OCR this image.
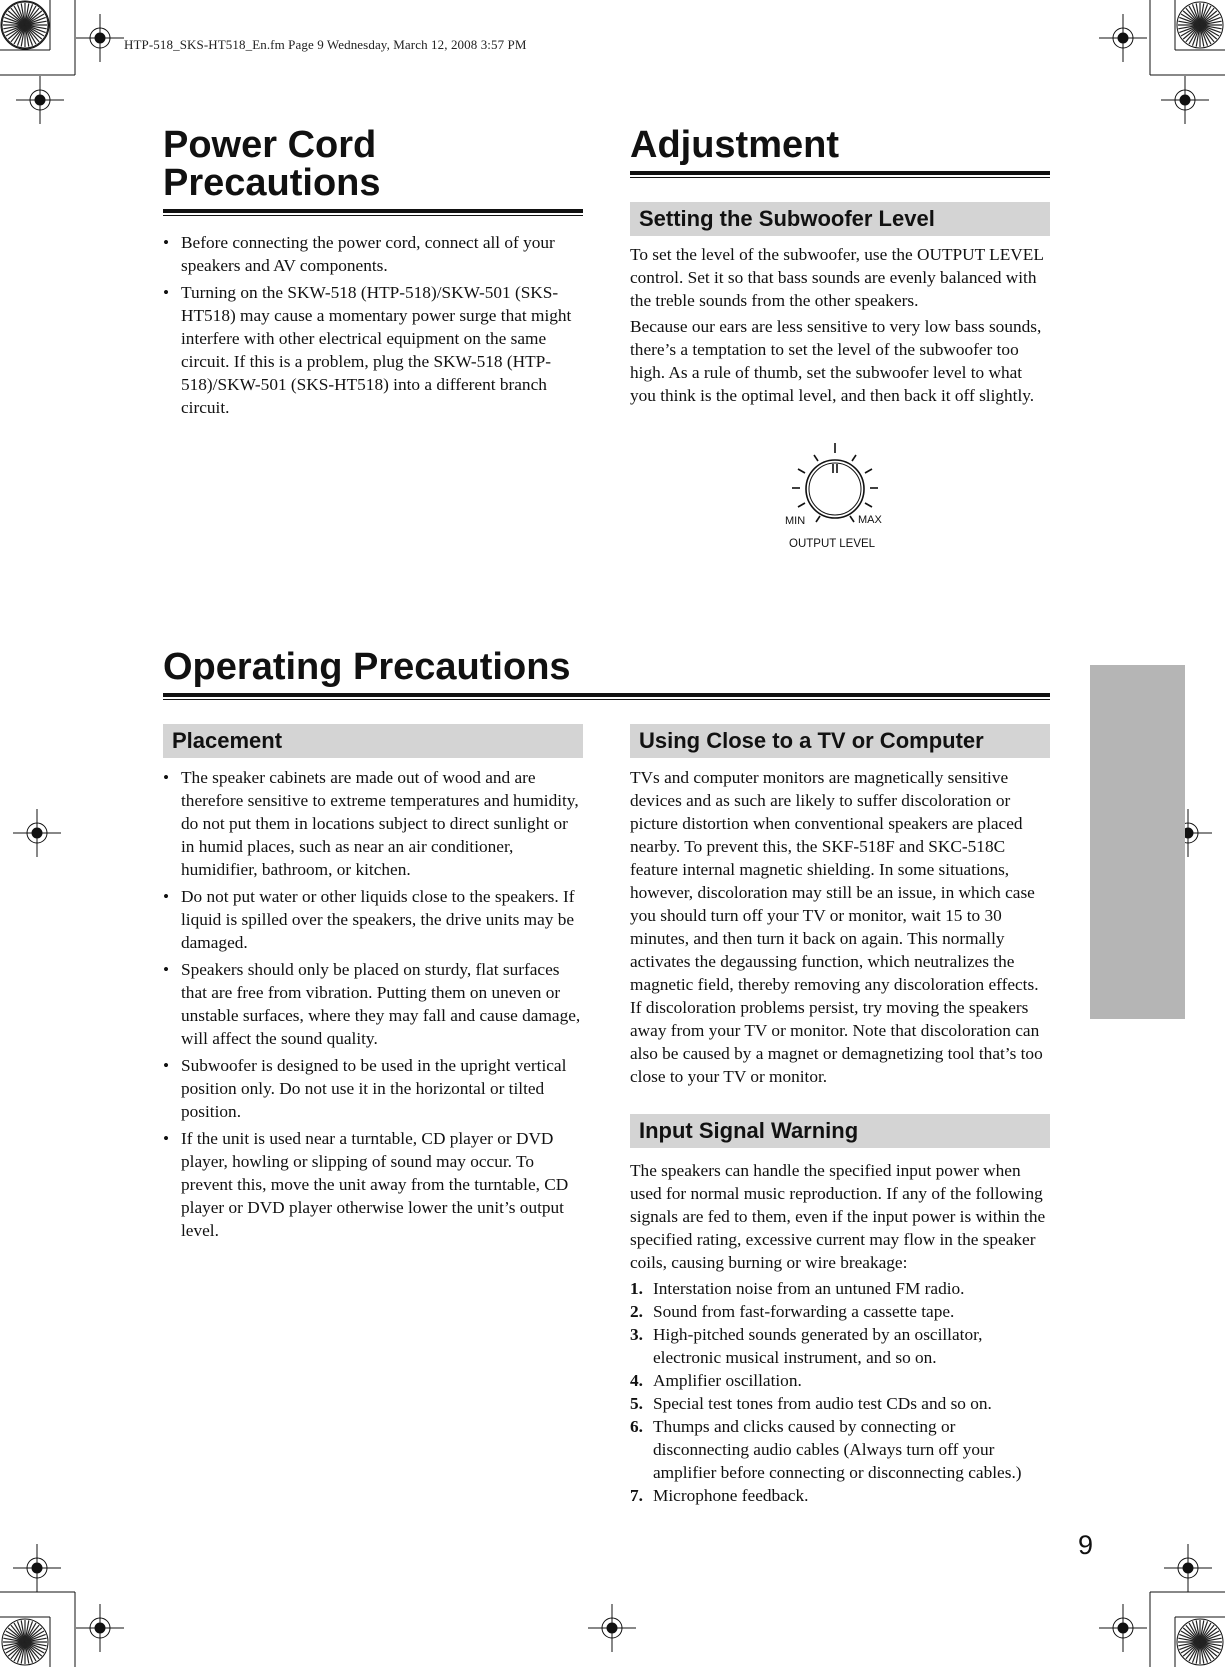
HTP-518_SKS-HT518_En.fm Page 9 Wednesday, March 12, 2008 3:57 PM
Power Cord
Precautions
• Before connecting the power cord, connect all of your speakers and AV components.
• Turning on the SKW-518 (HTP-518)/SKW-501 (SKS-HT518) may cause a momentary power surge that might interfere with other electrical equipment on the same circuit. If this is a problem, plug the SKW-518 (HTP-518)/SKW-501 (SKS-HT518) into a different branch circuit.
Adjustment
Setting the Subwoofer Level

To set the level of the subwoofer, use the OUTPUT LEVEL control. Set it so that bass sounds are evenly balanced with the treble sounds from the other speakers.

Because our ears are less sensitive to very low bass sounds, there’s a temptation to set the level of the subwoofer too high. As a rule of thumb, set the subwoofer level to what you think is the optimal level, and then back it off slightly.

MIN	MAX
OUTPUT LEVEL
Operating Precautions
Placement
• The speaker cabinets are made out of wood and are therefore sensitive to extreme temperatures and humidity, do not put them in locations subject to direct sunlight or in humid places, such as near an air conditioner, humidifier, bathroom, or kitchen.
• Do not put water or other liquids close to the speakers. If liquid is spilled over the speakers, the drive units may be damaged.
• Speakers should only be placed on sturdy, flat surfaces that are free from vibration. Putting them on uneven or unstable surfaces, where they may fall and cause damage, will affect the sound quality.
• Subwoofer is designed to be used in the upright vertical position only. Do not use it in the horizontal or tilted position.
• If the unit is used near a turntable, CD player or DVD player, howling or slipping of sound may occur. To prevent this, move the unit away from the turntable, CD player or DVD player otherwise lower the unit’s output level.
Using Close to a TV or Computer

TVs and computer monitors are magnetically sensitive devices and as such are likely to suffer discoloration or picture distortion when conventional speakers are placed nearby. To prevent this, the SKF-518F and SKC-518C feature internal magnetic shielding. In some situations, however, discoloration may still be an issue, in which case you should turn off your TV or monitor, wait 15 to 30 minutes, and then turn it back on again. This normally activates the degaussing function, which neutralizes the magnetic field, thereby removing any discoloration effects. If discoloration problems persist, try moving the speakers away from your TV or monitor. Note that discoloration can also be caused by a magnet or demagnetizing tool that’s too close to your TV or monitor.

Input Signal Warning

The speakers can handle the specified input power when used for normal music reproduction. If any of the following signals are fed to them, even if the input power is within the specified rating, excessive current may flow in the speaker coils, causing burning or wire breakage:

1. Interstation noise from an untuned FM radio.
2. Sound from fast-forwarding a cassette tape.
3. High-pitched sounds generated by an oscillator, electronic musical instrument, and so on.
4. Amplifier oscillation.
5. Special test tones from audio test CDs and so on.
6. Thumps and clicks caused by connecting or disconnecting audio cables (Always turn off your amplifier before connecting or disconnecting cables.)
7. Microphone feedback.
9
